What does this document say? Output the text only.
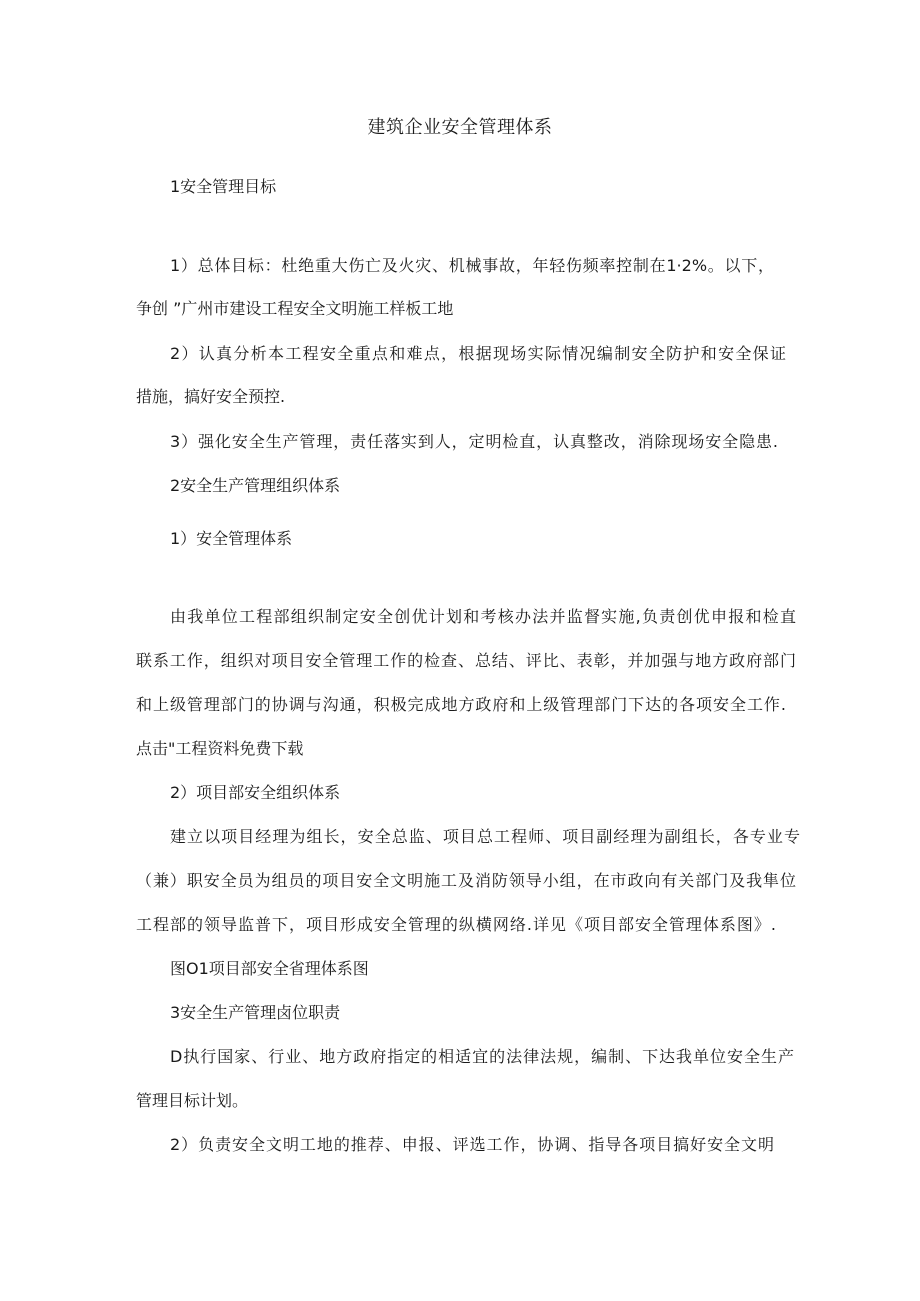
建筑企业安全管理体系
1安全管理目标
1）总体目标：杜绝重大伤亡及火灾、机械事故，年轻伤频率控制在1·2%。以下，
争创 ”广州市建设工程安全文明施工样板工地
2）认真分析本工程安全重点和难点，根据现场实际情况编制安全防护和安全保证
措施，搞好安全预控.
3）强化安全生产管理，责任落实到人，定明检直，认真整改，消除现场安全隐患.
2安全生产管理组织体系
1）安全管理体系
由我单位工程部组织制定安全创优计划和考核办法并监督实施,负责创优申报和检直
联系工作，组织对项目安全管理工作的检查、总结、评比、表彰，并加强与地方政府部门
和上级管理部门的协调与沟通，积极完成地方政府和上级管理部门下达的各项安全工作.
点击"工程资料免费下载
2）项目部安全组织体系
建立以项目经理为组长，安全总监、项目总工程师、项目副经理为副组长，各专业专
（兼）职安全员为组员的项目安全文明施工及消防领导小组，在市政向有关部门及我隼位
工程部的领导监普下，项目形成安全管理的纵横网络.详见《项目部安全管理体系图》.
图O1项目部安全省理体系图
3安全生产管理卤位职责
D执行国家、行业、地方政府指定的相适宜的法律法规，编制、下达我单位安全生产
管理目标计划。
2）负责安全文明工地的推荐、申报、评选工作，协调、指导各项目搞好安全文明
